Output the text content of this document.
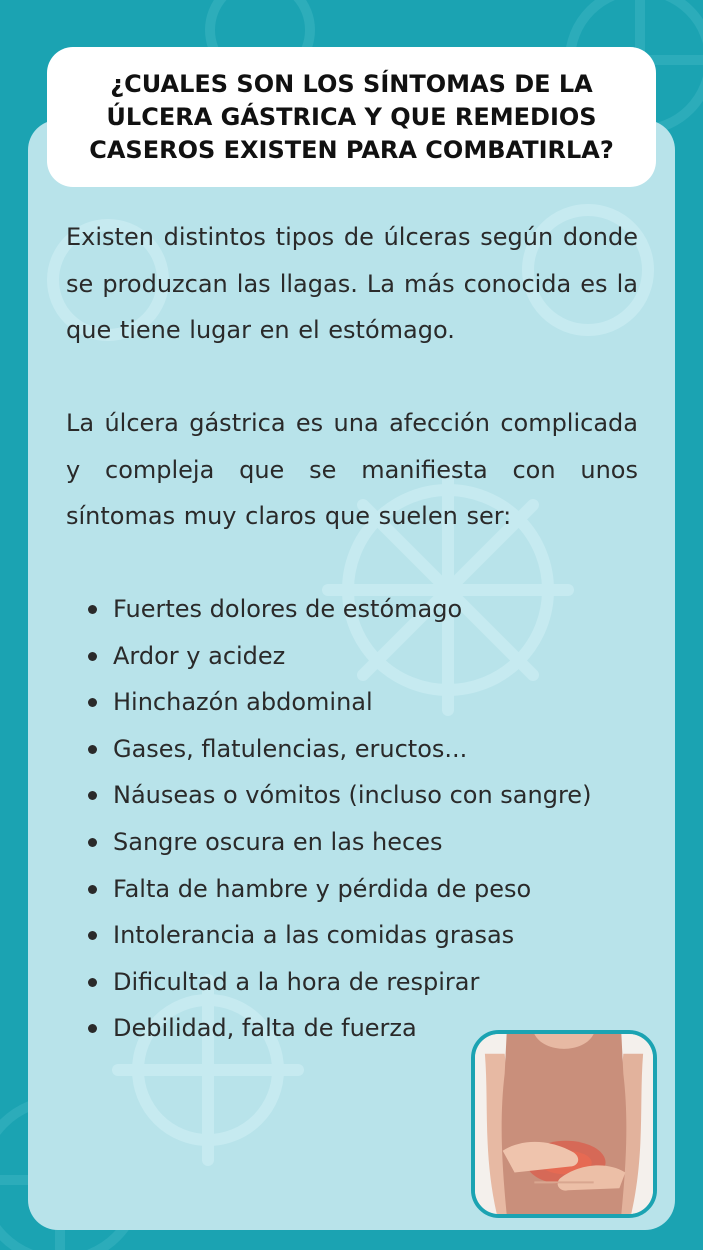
¿CUALES SON LOS SÍNTOMAS DE LA ÚLCERA GÁSTRICA Y QUE REMEDIOS CASEROS EXISTEN PARA COMBATIRLA?

Existen distintos tipos de úlceras según donde se produzcan las llagas. La más conocida es la que tiene lugar en el estómago.

La úlcera gástrica es una afección complicada y compleja que se manifiesta con unos síntomas muy claros que suelen ser:

Fuertes dolores de estómago
Ardor y acidez
Hinchazón abdominal
Gases, flatulencias, eructos...
Náuseas o vómitos (incluso con sangre)
Sangre oscura en las heces
Falta de hambre y pérdida de peso
Intolerancia a las comidas grasas
Dificultad a la hora de respirar
Debilidad, falta de fuerza
